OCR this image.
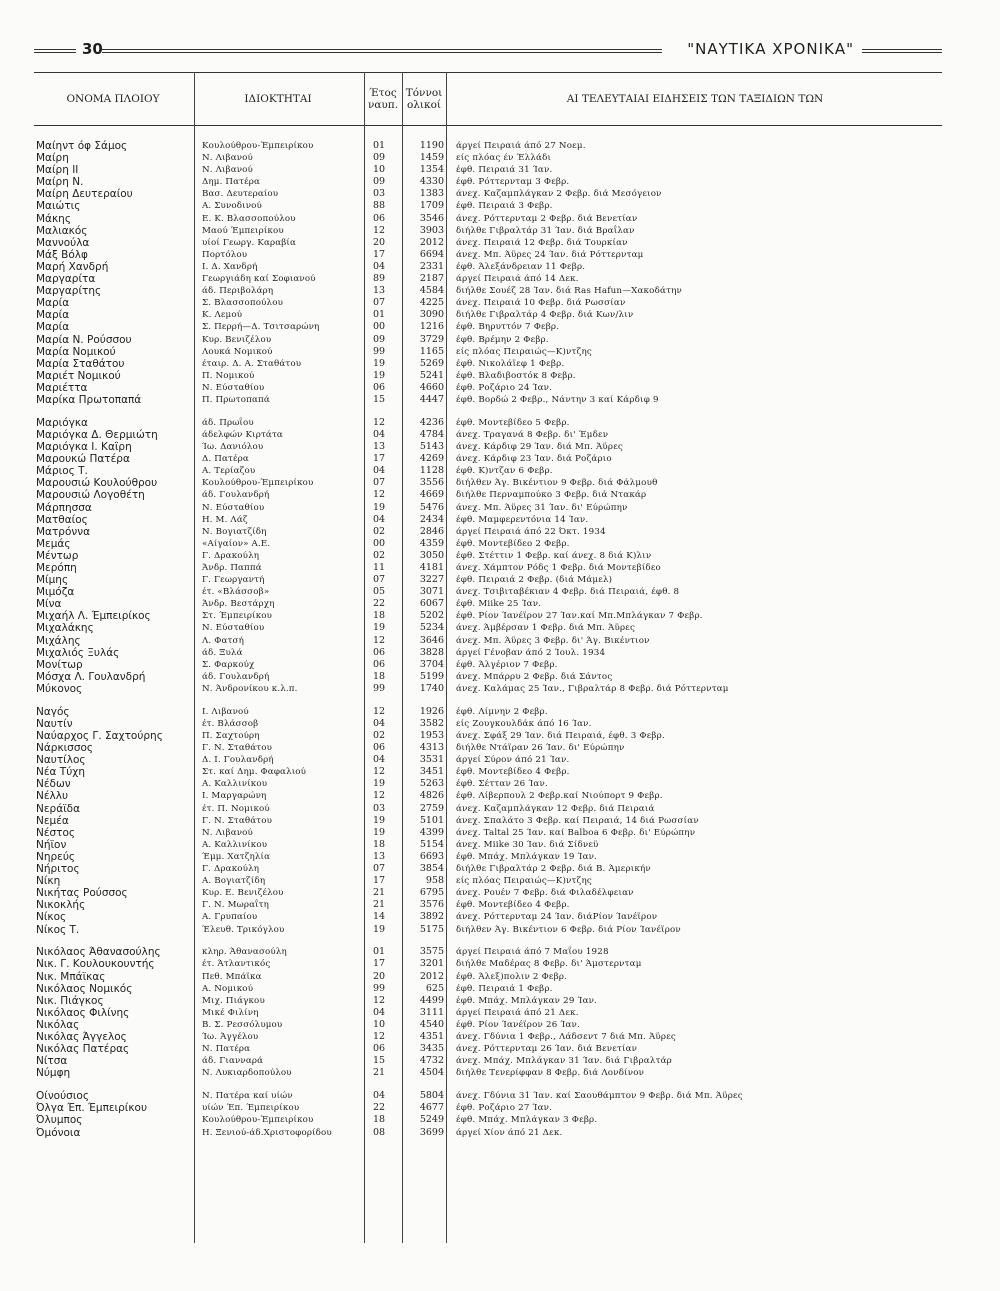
30	"ΝΑΥΤΙΚΑ ΧΡΟΝΙΚΑ"
ΟΝΟΜΑ ΠΛΟΙΟΥ	ΙΔΙΟΚΤΗΤΑΙ
Έτος ναυπ.
Τόννοι ολικοί
ΑΙ ΤΕΛΕΥΤΑΙΑΙ ΕΙΔΗΣΕΙΣ ΤΩΝ ΤΑΞΙΔΙΩΝ ΤΩΝ
Μαίηντ όφ Σάμος	Κουλούθρου-Έμπειρίκου	01	1190 άργεί Πειραιά άπό 27 Νοεμ.
Μαίρη	Ν. Λιβανού	09	1459 είς πλόας έν Έλλάδι
Μαίρη ΙΙ	Ν. Λιβανού	10	1354 έφθ. Πειραιά 31 Ίαν.
Μαίρη Ν.	Δημ. Πατέρα	09	4330 έφθ. Ρόττερνταμ 3 Φεβρ.
Μαίρη Δευτεραίου	Βασ. Δευτεραίου	03	1383 άνεχ. Καζαμπλάγκαν 2 Φεβρ. διά Μεσόγειον
Μαιώτις	Α. Συνοδινού	88	1709 έφθ. Πειραιά 3 Φεβρ.
Μάκης	Ε. Κ. Βλασσοπούλου	06	3546 άνεχ. Ρόττερνταμ 2 Φεβρ. διά Βενετίαν
Μαλιακός	Μαού Έμπειρίκου	12	3903 διήλθε Γιβραλτάρ 31 Ίαν. διά Βραΐλαν
Μαννούλα	υίοί Γεωργ. Καραβία	20	2012 άνεχ. Πειραιά 12 Φεβρ. διά Τουρκίαν
Μάξ Βόλφ	Πορτόλου	17	6694 άνεχ. Μπ. Άϋρες 24 Ίαν. διά Ρόττερνταμ
Μαρή Χανδρή	Ι. Δ. Χανδρή	04	2331 έφθ. Άλεξάνδρειαν 11 Φεβρ.
Μαργαρίτα	Γεωργιάδη καί Σοφιανού	89	2187 άργεί Πειραιά άπό 14 Δεκ.
Μαργαρίτης	άδ. Περιβολάρη	13	4584 διήλθε Σουέζ 28 Ίαν. διά Ras Hafun—Χακοδάτην
Μαρία	Σ. Βλασσοπούλου	07	4225 άνεχ. Πειραιά 10 Φεβρ. διά Ρωσσίαν
Μαρία	Κ. Λεμού	01	3090 διήλθε Γιβραλτάρ 4 Φεβρ. διά Κων/λιν
Μαρία	Σ. Περρή—Δ. Τσιτσαρώνη	00	1216 έφθ. Βηρυττόν 7 Φεβρ.
Μαρία Ν. Ρούσσου	Κυρ. Βενιζέλου	09	3729 έφθ. Βρέμην 2 Φεβρ.
Μαρία Νομικού	Λουκά Νομικού	99	1165 είς πλόας Πειραιώς—Κ)ντζης
Μαρία Σταθάτου	έταιρ. Δ. Α. Σταθάτου	19	5269 έφθ. Νικολάϊεφ 1 Φεβρ.
Μαριέτ Νομικού	Π. Νομικού	19	5241 έφθ. Βλαδιβοστόκ 8 Φεβρ.
Μαριέττα	Ν. Εύσταθίου	06	4660 έφθ. Ροζάριο 24 Ίαν.
Μαρίκα Πρωτοπαπά	Π. Πρωτοπαπά	15	4447 έφθ. Βορδώ 2 Φεβρ., Νάντην 3 καί Κάρδιφ 9
Μαριόγκα	άδ. Πρωΐου	12	4236 έφθ. Μοντεβίδεο 5 Φεβρ.
Μαριόγκα Δ. Θερμιώτη	άδελφών Κιρτάτα	04	4784 άνεχ. Τραγανά 8 Φεβρ. δι' Έμδεν
Μαριόγκα Ι. Καΐρη	Ίω. Δανιόλου	13	5143 άνεχ. Κάρδιφ 29 Ίαν. διά Μπ. Άϋρες
Μαρουκώ Πατέρα	Δ. Πατέρα	17	4269 άνεχ. Κάρδιφ 23 Ίαν. διά Ροζάριο
Μάριος Τ.	Α. Τερίαζου	04	1128 έφθ. Κ)ντζαν 6 Φεβρ.
Μαρουσιώ Κουλούθρου	Κουλούθρου-Έμπειρίκου	07	3556 διήλθεν Άγ. Βικέντιον 9 Φεβρ. διά Φάλμουθ
Μαρουσιώ Λογοθέτη	άδ. Γουλανδρή	12	4669 διήλθε Περναμπούκο 3 Φεβρ. διά Ντακάρ
Μάρπησσα	Ν. Εύσταθίου	19	5476 άνεχ. Μπ. Άϋρες 31 Ίαν. δι' Εύρώπην
Ματθαίος	Η. Μ. Λάζ	04	2434 έφθ. Μαμφερεντόνια 14 Ίαν.
Ματρόννα	Ν. Βογιατζίδη	02	2846 άργεί Πειραιά άπό 22 Όκτ. 1934
Μεμάς	«Αίγαίον» Α.Ε.	00	4359 έφθ. Μοντεβίδεο 2 Φεβρ.
Μέντωρ	Γ. Δρακούλη	02	3050 έφθ. Στέττιν 1 Φεβρ. καί άνεχ. 8 διά Κ)λιν
Μερόπη	Άνδρ. Παππά	11	4181 άνεχ. Χάμπτον Ρόδς 1 Φεβρ. διά Μοντεβίδεο
Μίμης	Γ. Γεωργαντή	07	3227 έφθ. Πειραιά 2 Φεβρ. (διά Μάμελ)
Μιμόζα	έτ. «Βλάσσοβ»	05	3071 άνεχ. Τσιβιταβέκιαν 4 Φεβρ. διά Πειραιά, έφθ. 8
Μίνα	Άνδρ. Βεστάρχη	22	6067 έφθ. Miike 25 Ίαν.
Μιχαήλ Λ. Έμπειρίκος	Στ. Έμπειρίκου	18	5202 έφθ. Ρίον Ίανέϊρον 27 Ίαν.καί Μπ.Μπλάγκαν 7 Φεβρ.
Μιχαλάκης	Ν. Εύσταθίου	19	5234 άνεχ. Άμβέρσαν 1 Φεβρ. διά Μπ. Άϋρες
Μιχάλης	Λ. Φατσή	12	3646 άνεχ. Μπ. Άϋρες 3 Φεβρ. δι' Άγ. Βικέντιον
Μιχαλιός Ξυλάς	άδ. Ξυλά	06	3828 άργεί Γένοβαν άπό 2 Ίουλ. 1934
Μονίτωρ	Σ. Φαρκούχ	06	3704 έφθ. Άλγέριον 7 Φεβρ.
Μόσχα Λ. Γουλανδρή	άδ. Γουλανδρή	18	5199 άνεχ. Μπάρρυ 2 Φεβρ. διά Σάντος
Μύκονος	Ν. Άνδρονίκου κ.λ.π.	99	1740 άνεχ. Καλάμας 25 Ίαν., Γιβραλτάρ 8 Φεβρ. διά Ρόττερνταμ
Ναγός	Ι. Λιβανού	12	1926 έφθ. Λίμνην 2 Φεβρ.
Ναυτίν	έτ. Βλάσσοβ	04	3582 είς Ζουγκουλδάκ άπό 16 Ίαν.
Ναύαρχος Γ. Σαχτούρης	Π. Σαχτούρη	02	1953 άνεχ. Σφάξ 29 Ίαν. διά Πειραιά, έφθ. 3 Φεβρ.
Νάρκισσος	Γ. Ν. Σταθάτου	06	4313 διήλθε Ντάϊραν 26 Ίαν. δι' Εύρώπην
Ναυτίλος	Δ. Ι. Γουλανδρή	04	3531 άργεί Σύρον άπό 21 Ίαν.
Νέα Τύχη	Στ. καί Δημ. Φαφαλιού	12	3451 έφθ. Μοντεβίδεο 4 Φεβρ.
Νέδων	Α. Καλλινίκου	19	5263 έφθ. Σέτταν 26 Ίαν.
Νέλλυ	Ι. Μαργαρώνη	12	4826 έφθ. Λίβερπουλ 2 Φεβρ.καί Νιούπορτ 9 Φεβρ.
Νεράϊδα	έτ. Π. Νομικού	03	2759 άνεχ. Καζαμπλάγκαν 12 Φεβρ. διά Πειραιά
Νεμέα	Γ. Ν. Σταθάτου	19	5101 άνεχ. Σπαλάτο 3 Φεβρ. καί Πειραιά, 14 διά Ρωσσίαν
Νέστος	Ν. Λιβανού	19	4399 άνεχ. Taltal 25 Ίαν. καί Balboa 6 Φεβρ. δι' Εύρώπην
Νήϊον	Α. Καλλινίκου	18	5154 άνεχ. Miike 30 Ίαν. διά Σίδνεϋ
Νηρεύς	Έμμ. Χατζηλία	13	6693 έφθ. Μπάχ. Μπλάγκαν 19 Ίαν.
Νήριτος	Γ. Δρακούλη	07	3854 διήλθε Γιβραλτάρ 2 Φεβρ. διά Β. Άμερικήν
Νίκη	Α. Βογιατζίδη	17	958 είς πλόας Πειραιώς—Κ)ντζης
Νικήτας Ρούσσος	Κυρ. Ε. Βενιζέλου	21	6795 άνεχ. Ρουέν 7 Φεβρ. διά Φιλαδέλφειαν
Νικοκλής	Γ. Ν. Μωραΐτη	21	3576 έφθ. Μοντεβίδεο 4 Φεβρ.
Νίκος	Α. Γρυπαίου	14	3892 άνεχ. Ρόττερνταμ 24 Ίαν. διάΡίον Ίανέϊρον
Νίκος Τ.	Έλευθ. Τρικόγλου	19	5175 διήλθεν Άγ. Βικέντιον 6 Φεβρ. διά Ρίον Ίανέϊρον
Νικόλαος Άθανασούλης	κληρ. Άθανασούλη	01	3575 άργεί Πειραιά άπό 7 Μαΐου 1928
Νικ. Γ. Κουλουκουντής	έτ. Άτλαντικός	17	3201 διήλθε Μαδέρας 8 Φεβρ. δι' Άμστερνταμ
Νικ. Μπάϊκας	Πεθ. Μπάϊκα	20	2012 έφθ. Άλεξ)πολιν 2 Φεβρ.
Νικόλαος Νομικός	Α. Νομικού	99	625 έφθ. Πειραιά 1 Φεβρ.
Νικ. Πιάγκος	Μιχ. Πιάγκου	12	4499 έφθ. Μπάχ. Μπλάγκαν 29 Ίαν.
Νικόλαος Φιλίνης	Μικέ Φιλίνη	04	3111 άργεί Πειραιά άπό 21 Δεκ.
Νικόλας	Β. Σ. Ρεσσόλυμου	10	4540 έφθ. Ρίον Ίανέϊρον 26 Ίαν.
Νικόλας Άγγελος	Ίω. Άγγέλου	12	4351 άνεχ. Γδύνια 1 Φεβρ., Λάδσεντ 7 διά Μπ. Άϋρες
Νικόλας Πατέρας	Ν. Πατέρα	06	3435 άνεχ. Ρόττερνταμ 26 Ίαν. διά Βενετίαν
Νίτσα	άδ. Γιανναρά	15	4732 άνεχ. Μπάχ. Μπλάγκαν 31 Ίαν. διά Γιβραλτάρ
Νύμφη	Ν. Λυκιαρδοπούλου	21	4504 διήλθε Τενερίφφαν 8 Φεβρ. διά Λονδίνον
Οίνούσιος	Ν. Πατέρα καί υίών	04	5804 άνεχ. Γδύνια 31 Ίαν. καί Σαουθάμπτον 9 Φεβρ. διά Μπ. Άϋρες
Όλγα Έπ. Έμπειρίκου	υίών Έπ. Έμπειρίκου	22	4677 έφθ. Ροζάριο 27 Ίαν.
Όλυμπος	Κουλούθρου-Έμπειρίκου	18	5249 έφθ. Μπάχ. Μπλάγκαν 3 Φεβρ.
Όμόνοια	Η. Ξενιού-άδ.Χριστοφορίδου	08	3699 άργεί Χίον άπό 21 Δεκ.
